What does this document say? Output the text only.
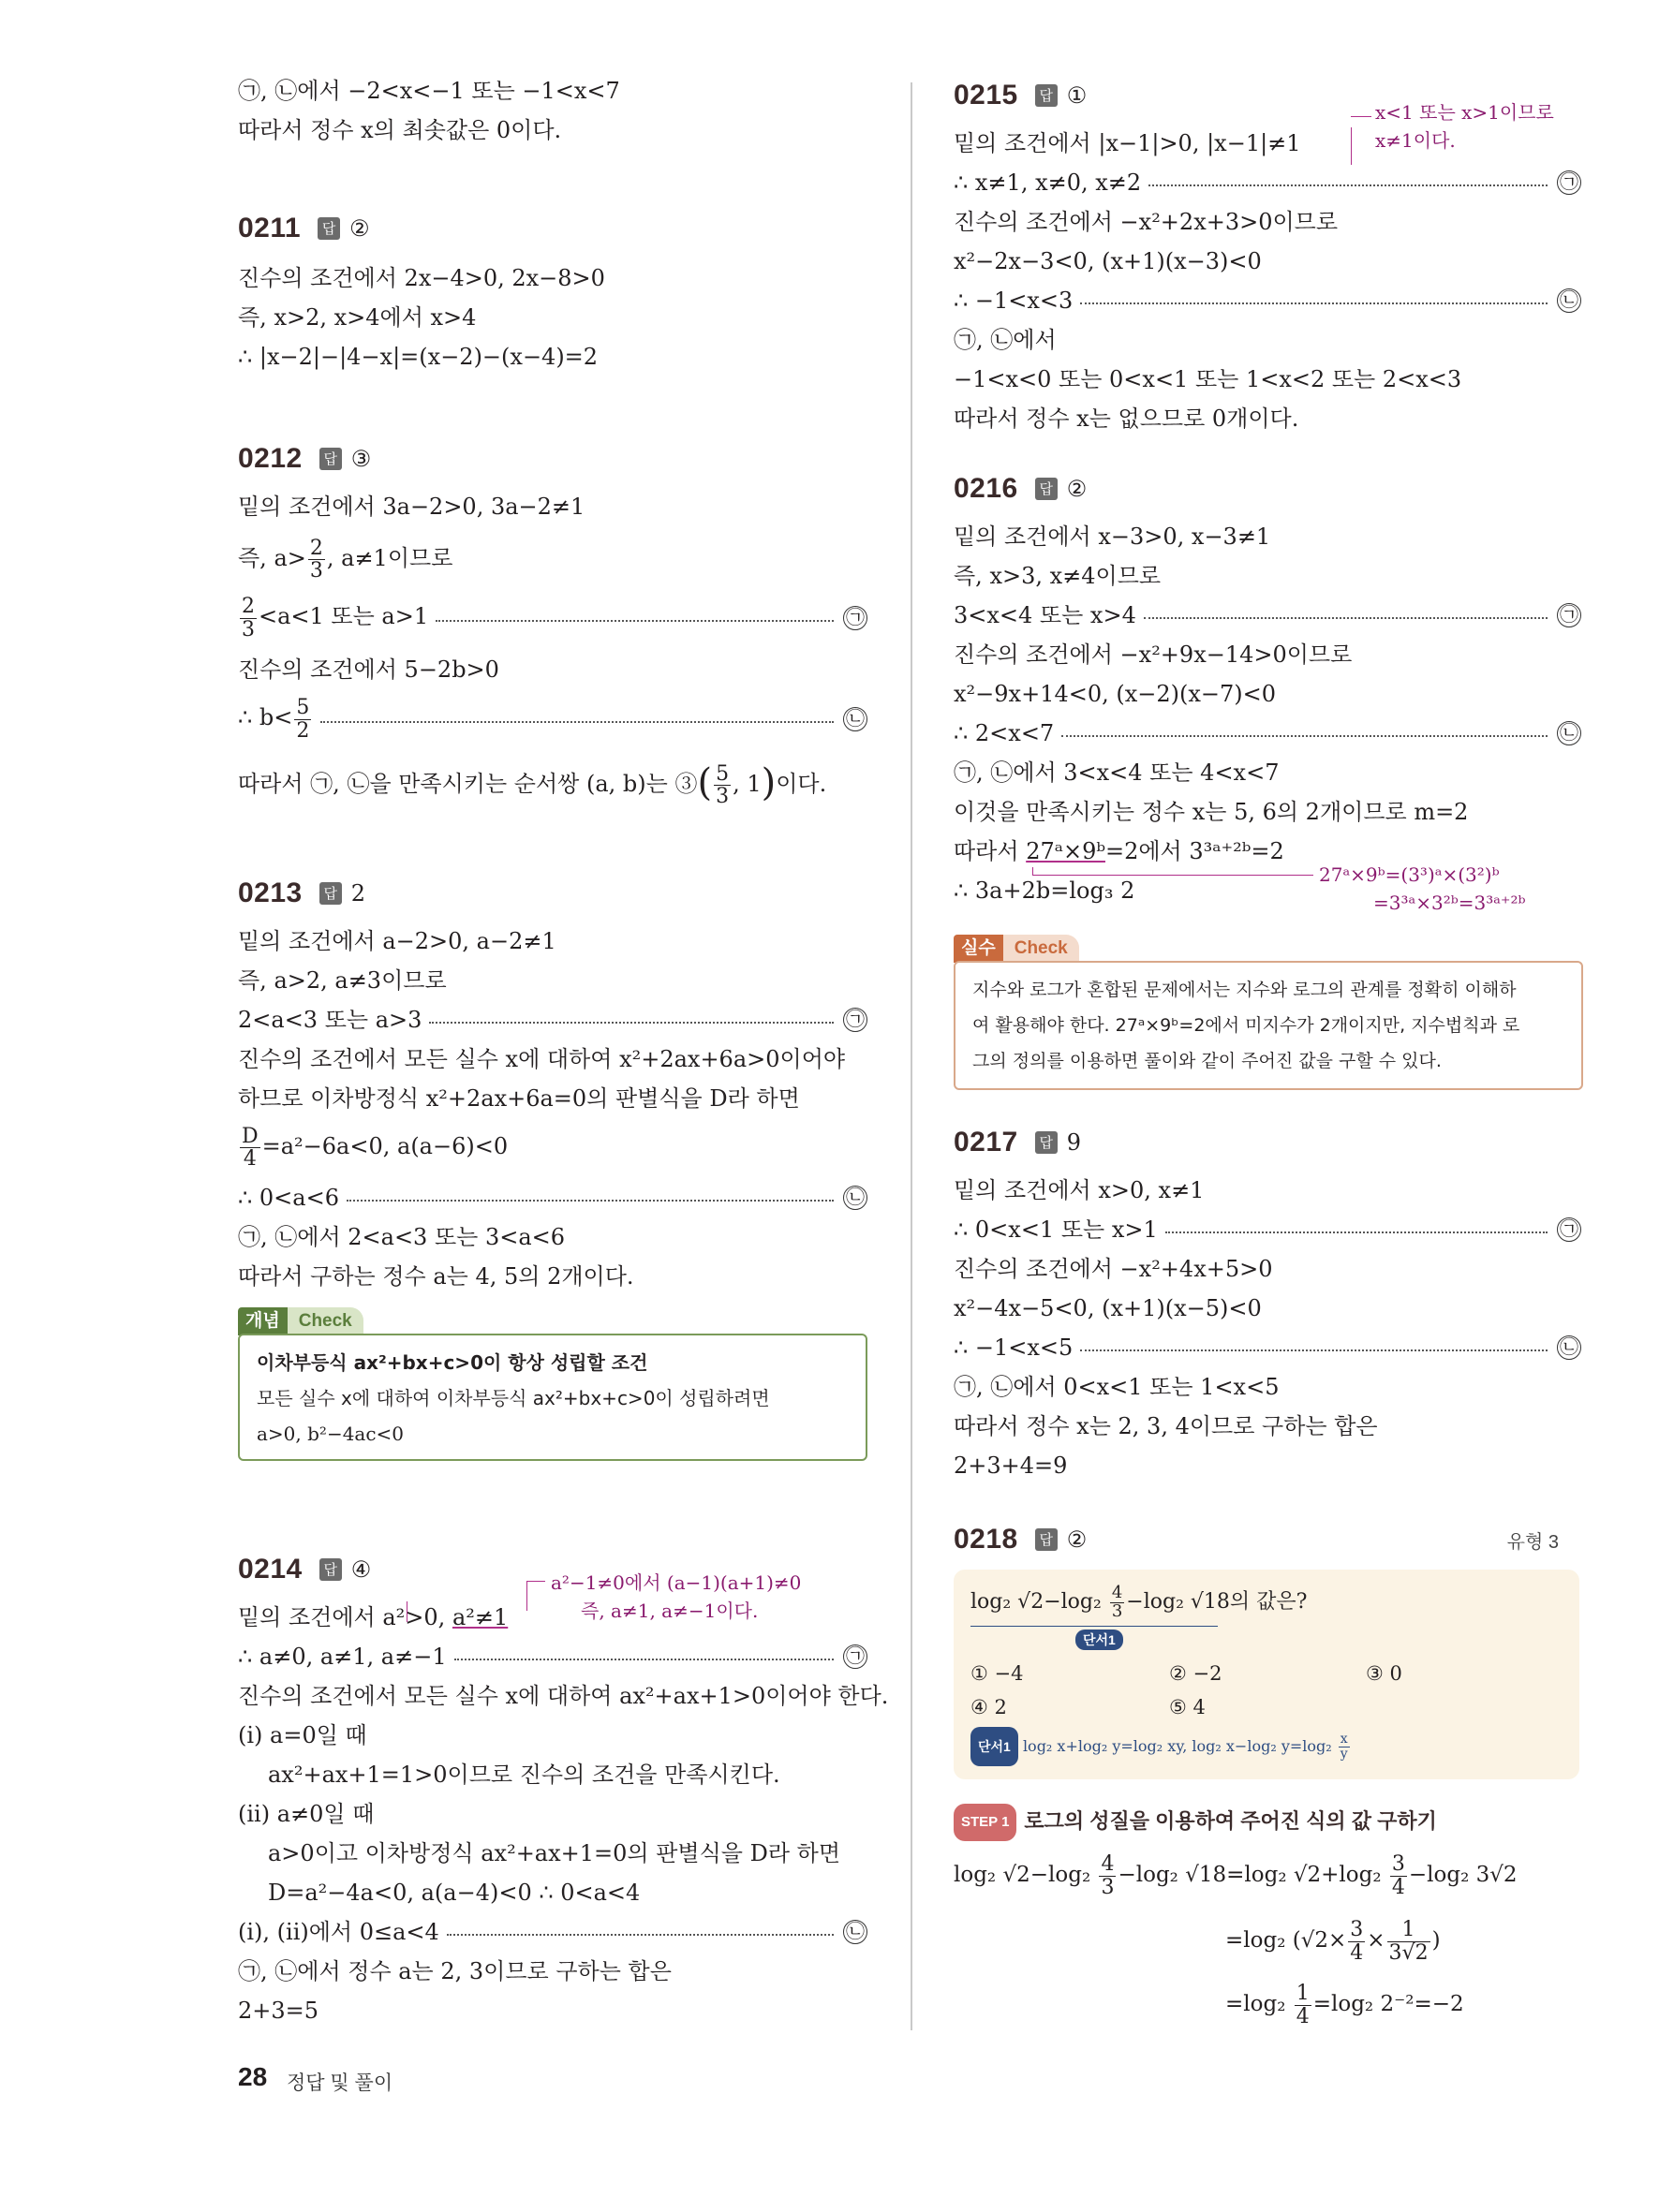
㉠, ㉡에서 −2<x<−1 또는 −1<x<7
따라서 정수 x의 최솟값은 0이다.
0211	답 ②
진수의 조건에서 2x−4>0, 2x−8>0
즉, x>2, x>4에서 x>4
∴ |x−2|−|4−x|=(x−2)−(x−4)=2
0212	답 ③
밑의 조건에서 3a−2>0, 3a−2≠1
즉, $a> \frac{2}{3}$ , a≠1이므로
$\frac{2}{3} <a<1$ 또는 a>1	㉠
진수의 조건에서 5−2b>0
∴ $b< \frac{5}{2}$	㉡
따라서 ㉠, ㉡을 만족시키는 순서쌍 (a, b)는 ③( $\frac{5}{3}$ , 1)이다.
0213	답 2
밑의 조건에서 a−2>0, a−2≠1
즉, a>2, a≠3이므로
2<a<3 또는 a>3	㉠
진수의 조건에서 모든 실수 x에 대하여 x²+2ax+6a>0이어야
하므로 이차방정식 x²+2ax+6a=0의 판별식을 D라 하면
$\frac{D}{4} =a^2-6a<0$, a(a−6)<0
∴ 0<a<6	㉡
㉠, ㉡에서 2<a<3 또는 3<a<6
따라서 구하는 정수 a는 4, 5의 2개이다.
개념	Check
이차부등식 ax²+bx+c>0이 항상 성립할 조건
모든 실수 x에 대하여 이차부등식 ax²+bx+c>0이 성립하려면
a>0, b²−4ac<0
0214	답 ④
밑의 조건에서 a²>0, a²≠1
a²−1≠0에서 (a−1)(a+1)≠0
즉, a≠1, a≠−1이다.
∴ a≠0, a≠1, a≠−1	㉠
진수의 조건에서 모든 실수 x에 대하여 ax²+ax+1>0이어야 한다.
(i) a=0일 때
ax²+ax+1=1>0이므로 진수의 조건을 만족시킨다.
(ii) a≠0일 때
a>0이고 이차방정식 ax²+ax+1=0의 판별식을 D라 하면
D=a²−4a<0, a(a−4)<0 ∴ 0<a<4
(i), (ii)에서 0≤a<4	㉡
㉠, ㉡에서 정수 a는 2, 3이므로 구하는 합은
2+3=5
0215	답 ①
밑의 조건에서 |x−1|>0, |x−1|≠1
x<1 또는 x>1이므로
x≠1이다.
∴ x≠1, x≠0, x≠2	㉠
진수의 조건에서 −x²+2x+3>0이므로
x²−2x−3<0, (x+1)(x−3)<0
∴ −1<x<3	㉡
㉠, ㉡에서
−1<x<0 또는 0<x<1 또는 1<x<2 또는 2<x<3
따라서 정수 x는 없으므로 0개이다.
0216	답 ②
밑의 조건에서 x−3>0, x−3≠1
즉, x>3, x≠4이므로
3<x<4 또는 x>4	㉠
진수의 조건에서 −x²+9x−14>0이므로
x²−9x+14<0, (x−2)(x−7)<0
∴ 2<x<7	㉡
㉠, ㉡에서 3<x<4 또는 4<x<7
이것을 만족시키는 정수 x는 5, 6의 2개이므로 m=2
따라서 27ᵃ×9ᵇ=2에서 3³ᵃ⁺²ᵇ=2
27ᵃ×9ᵇ=(3³)ᵃ×(3²)ᵇ
∴ 3a+2b=log₃ 2	=3³ᵃ×3²ᵇ=3³ᵃ⁺²ᵇ
실수	Check
지수와 로그가 혼합된 문제에서는 지수와 로그의 관계를 정확히 이해하
여 활용해야 한다. 27ᵃ×9ᵇ=2에서 미지수가 2개이지만, 지수법칙과 로
그의 정의를 이용하면 풀이와 같이 주어진 값을 구할 수 있다.
0217	답 9
밑의 조건에서 x>0, x≠1
∴ 0<x<1 또는 x>1	㉠
진수의 조건에서 −x²+4x+5>0
x²−4x−5<0, (x+1)(x−5)<0
∴ −1<x<5	㉡
㉠, ㉡에서 0<x<1 또는 1<x<5
따라서 정수 x는 2, 3, 4이므로 구하는 합은
2+3+4=9
0218	답 ②	유형 3
log₂ $√2-\log_2 \frac{4}{3} -\log_2$ √18의 값은?
단서1
① −4	② −2	③ 0
④ 2	⑤ 4
단서1 log₂ x+log₂ y=log₂ xy, log₂ x−log₂ $y=\log_2 \frac{x}{y}$
STEP 1 로그의 성질을 이용하여 주어진 식의 값 구하기
log₂ $√2-\log_2 \frac{4}{3} -\log_2$ √18=log₂ $√2+\log_2 \frac{3}{4} -\log_2$ 3√2
=log₂ ($√2\times \frac{3}{4} \times \frac{1}{3√2}$ )
$=\log_2 \frac{1}{4} =\log_2$ 2⁻²=−2
28 정답 및 풀이
